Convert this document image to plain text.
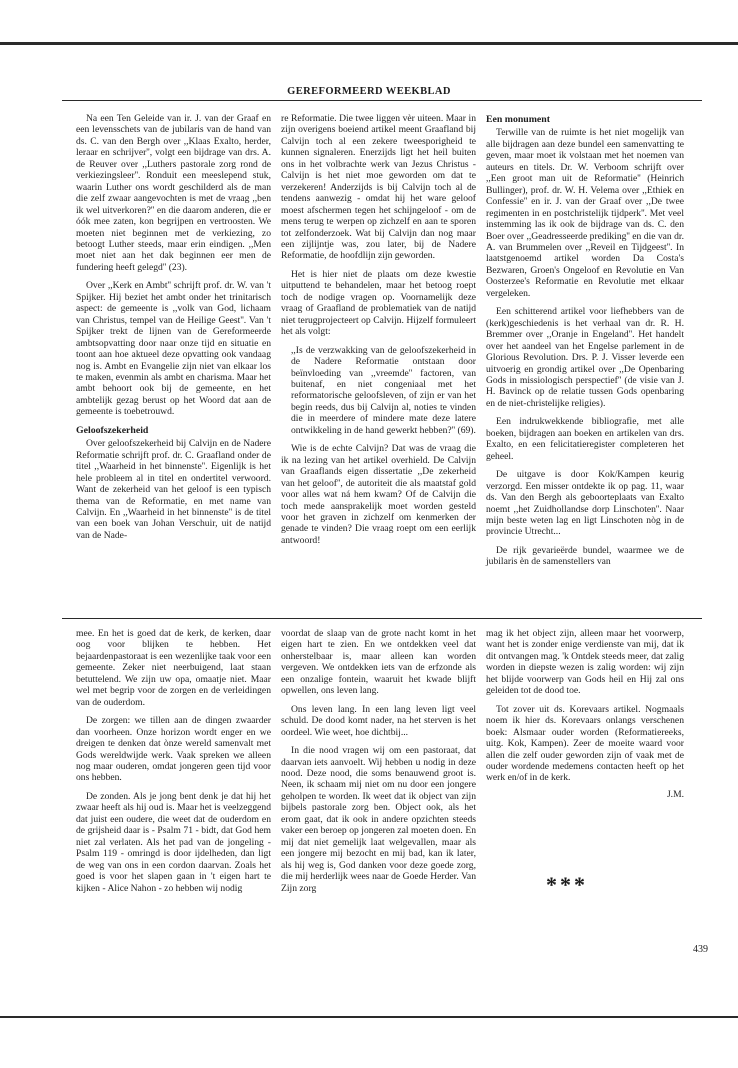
GEREFORMEERD WEEKBLAD

Na een Ten Geleide van ir. J. van der Graaf en een levensschets van de jubilaris van de hand van ds. C. van den Bergh over ,,Klaas Exalto, herder, leraar en schrijver'', volgt een bijdrage van drs. A. de Reuver over ,,Luthers pastorale zorg rond de verkiezingsleer''. Ronduit een meeslepend stuk, waarin Luther ons wordt geschilderd als de man die zelf zwaar aangevochten is met de vraag ,,ben ik wel uitverkoren?'' en die daarom anderen, die er óók mee zaten, kon begrijpen en vertroosten. We moeten niet beginnen met de verkiezing, zo betoogt Luther steeds, maar erin eindigen. ,,Men moet niet aan het dak beginnen eer men de fundering heeft gelegd'' (23).

Over ,,Kerk en Ambt'' schrijft prof. dr. W. van 't Spijker. Hij beziet het ambt onder het trinitarisch aspect: de gemeente is ,,volk van God, lichaam van Christus, tempel van de Heilige Geest''. Van 't Spijker trekt de lijnen van de Gereformeerde ambtsopvatting door naar onze tijd en situatie en toont aan hoe aktueel deze opvatting ook vandaag nog is. Ambt en Evangelie zijn niet van elkaar los te maken, evenmin als ambt en charisma. Maar het ambt behoort ook bij de gemeente, en het ambtelijk gezag berust op het Woord dat aan de gemeente is toebetrouwd.

Geloofszekerheid

Over geloofszekerheid bij Calvijn en de Nadere Reformatie schrijft prof. dr. C. Graafland onder de titel ,,Waarheid in het binnenste''. Eigenlijk is het hele probleem al in titel en ondertitel verwoord. Want de zekerheid van het geloof is een typisch thema van de Reformatie, en met name van Calvijn. En ,,Waarheid in het binnenste'' is de titel van een boek van Johan Verschuir, uit de natijd van de Nade-

re Reformatie. Die twee liggen vèr uiteen. Maar in zijn overigens boeiend artikel meent Graafland bij Calvijn toch al een zekere tweesporigheid te kunnen signaleren. Enerzijds ligt het heil buiten ons in het volbrachte werk van Jezus Christus - Calvijn is het niet moe geworden om dat te verzekeren! Anderzijds is bij Calvijn toch al de tendens aanwezig - omdat hij het ware geloof moest afschermen tegen het schijngeloof - om de mens terug te werpen op zichzelf en aan te sporen tot zelfonderzoek. Wat bij Calvijn dan nog maar een zijlijntje was, zou later, bij de Nadere Reformatie, de hoofdlijn zijn geworden.

Het is hier niet de plaats om deze kwestie uitputtend te behandelen, maar het betoog roept toch de nodige vragen op. Voornamelijk deze vraag of Graafland de problematiek van de natijd niet terugprojecteert op Calvijn. Hijzelf formuleert het als volgt:

,,Is de verzwakking van de geloofszekerheid in de Nadere Reformatie ontstaan door beïnvloeding van ,,vreemde'' factoren, van buitenaf, en niet congeniaal met het reformatorische geloofsleven, of zijn er van het begin reeds, dus bij Calvijn al, noties te vinden die in meerdere of mindere mate deze latere ontwikkeling in de hand gewerkt hebben?'' (69).

Wie is de echte Calvijn? Dat was de vraag die ik na lezing van het artikel overhield. De Calvijn van Graaflands eigen dissertatie ,,De zekerheid van het geloof'', de autoriteit die als maatstaf gold voor alles wat ná hem kwam? Of de Calvijn die toch mede aansprakelijk moet worden gesteld voor het graven in zichzelf om kenmerken der genade te vinden? Die vraag roept om een eerlijk antwoord!

Een monument

Terwille van de ruimte is het niet mogelijk van alle bijdragen aan deze bundel een samenvatting te geven, maar moet ik volstaan met het noemen van auteurs en titels. Dr. W. Verboom schrijft over ,,Een groot man uit de Reformatie'' (Heinrich Bullinger), prof. dr. W. H. Velema over ,,Ethiek en Confessie'' en ir. J. van der Graaf over ,,De twee regimenten in en postchristelijk tijdperk''. Met veel instemming las ik ook de bijdrage van ds. C. den Boer over ,,Geadresseerde prediking'' en die van dr. A. van Brummelen over ,,Reveil en Tijdgeest''. In laatstgenoemd artikel worden Da Costa's Bezwaren, Groen's Ongeloof en Revolutie en Van Oosterzee's Reformatie en Revolutie met elkaar vergeleken.

Een schitterend artikel voor liefhebbers van de (kerk)geschiedenis is het verhaal van dr. R. H. Bremmer over ,,Oranje in Engeland''. Het handelt over het aandeel van het Engelse parlement in de Glorious Revolution. Drs. P. J. Visser leverde een uitvoerig en grondig artikel over ,,De Openbaring Gods in missiologisch perspectief'' (de visie van J. H. Bavinck op de relatie tussen Gods openbaring en de niet-christelijke religies).

Een indrukwekkende bibliografie, met alle boeken, bijdragen aan boeken en artikelen van drs. Exalto, en een felicitatieregister completeren het geheel.

De uitgave is door Kok/Kampen keurig verzorgd. Een misser ontdekte ik op pag. 11, waar ds. Van den Bergh als geboorteplaats van Exalto noemt ,,het Zuidhollandse dorp Linschoten''. Naar mijn beste weten lag en ligt Linschoten nòg in de provincie Utrecht...

De rijk gevarieërde bundel, waarmee we de jubilaris èn de samenstellers van

mee. En het is goed dat de kerk, de kerken, daar oog voor blijken te hebben. Het bejaardenpastoraat is een wezenlijke taak voor een gemeente. Zeker niet neerbuigend, laat staan betuttelend. We zijn uw opa, omaatje niet. Maar wel met begrip voor de zorgen en de verleidingen van de ouderdom.

De zorgen: we tillen aan de dingen zwaarder dan voorheen. Onze horizon wordt enger en we dreigen te denken dat ònze wereld samenvalt met Gods wereldwijde werk. Vaak spreken we alleen nog maar ouderen, omdat jongeren geen tijd voor ons hebben.

De zonden. Als je jong bent denk je dat hij het zwaar heeft als hij oud is. Maar het is veelzeggend dat juist een oudere, die weet dat de ouderdom en de grijsheid daar is - Psalm 71 - bidt, dat God hem niet zal verlaten. Als het pad van de jongeling - Psalm 119 - omringd is door ijdelheden, dan ligt de weg van ons in een cordon daarvan. Zoals het goed is voor het slapen gaan in 't eigen hart te kijken - Alice Nahon - zo hebben wij nodig

voordat de slaap van de grote nacht komt in het eigen hart te zien. En we ontdekken veel dat onherstelbaar is, maar alleen kan worden vergeven. We ontdekken iets van de erfzonde als een onzalige fontein, waaruit het kwade blijft opwellen, ons leven lang.

Ons leven lang. In een lang leven ligt veel schuld. De dood komt nader, na het sterven is het oordeel. Wie weet, hoe dichtbij...

In die nood vragen wij om een pastoraat, dat daarvan iets aanvoelt. Wij hebben u nodig in deze nood. Deze nood, die soms benauwend groot is. Neen, ik schaam mij niet om nu door een jongere geholpen te worden. Ik weet dat ik object van zijn bijbels pastorale zorg ben. Object ook, als het erom gaat, dat ik ook in andere opzichten steeds vaker een beroep op jongeren zal moeten doen. En mij dat niet gemelijk laat welgevallen, maar als een jongere mij bezocht en mij bad, kan ik later, als hij weg is, God danken voor deze goede zorg, die mij herderlijk wees naar de Goede Herder. Van Zijn zorg

mag ik het object zijn, alleen maar het voorwerp, want het is zonder enige verdienste van mij, dat ik dit ontvangen mag. 'k Ontdek steeds meer, dat zalig worden in diepste wezen is zalig worden: wij zijn het blijde voorwerp van Gods heil en Hij zal ons geleiden tot de dood toe.

Tot zover uit ds. Korevaars artikel. Nogmaals noem ik hier ds. Korevaars onlangs verschenen boek: Alsmaar ouder worden (Reformatiereeks, uitg. Kok, Kampen). Zeer de moeite waard voor allen die zelf ouder geworden zijn of vaak met de ouder wordende medemens contacten heeft op het werk en/of in de kerk.

J.M.

***
439
